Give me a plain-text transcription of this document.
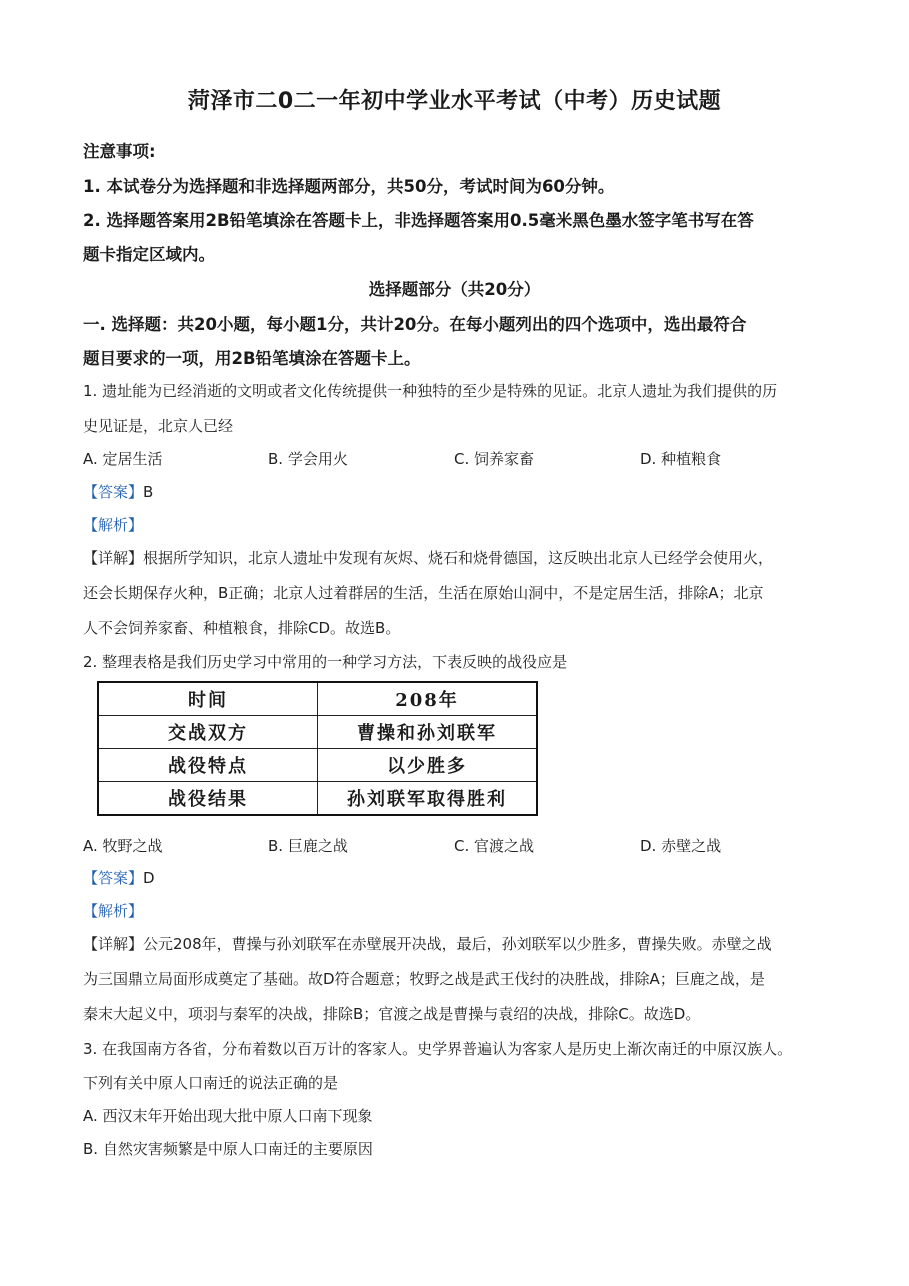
菏泽市二0二一年初中学业水平考试（中考）历史试题
注意事项:
1. 本试卷分为选择题和非选择题两部分，共50分，考试时间为60分钟。
2. 选择题答案用2B铅笔填涂在答题卡上，非选择题答案用0.5毫米黑色墨水签字笔书写在答
题卡指定区域内。
选择题部分（共20分）
一. 选择题：共20小题，每小题1分，共计20分。在每小题列出的四个选项中，选出最符合
题目要求的一项，用2B铅笔填涂在答题卡上。
1. 遗址能为已经消逝的文明或者文化传统提供一种独特的至少是特殊的见证。北京人遗址为我们提供的历
史见证是，北京人已经
A. 定居生活	B. 学会用火	C. 饲养家畜	D. 种植粮食
【答案】B
【解析】
【详解】根据所学知识，北京人遗址中发现有灰烬、烧石和烧骨德国，这反映出北京人已经学会使用火，
还会长期保存火种，B正确；北京人过着群居的生活，生活在原始山洞中，不是定居生活，排除A；北京
人不会饲养家畜、种植粮食，排除CD。故选B。
2. 整理表格是我们历史学习中常用的一种学习方法，下表反映的战役应是
时间	208年
交战双方	曹操和孙刘联军
战役特点	以少胜多
战役结果	孙刘联军取得胜利
A. 牧野之战	B. 巨鹿之战	C. 官渡之战	D. 赤壁之战
【答案】D
【解析】
【详解】公元208年，曹操与孙刘联军在赤壁展开决战，最后，孙刘联军以少胜多，曹操失败。赤壁之战
为三国鼎立局面形成奠定了基础。故D符合题意；牧野之战是武王伐纣的决胜战，排除A；巨鹿之战，是
秦末大起义中，项羽与秦军的决战，排除B；官渡之战是曹操与袁绍的决战，排除C。故选D。
3. 在我国南方各省，分布着数以百万计的客家人。史学界普遍认为客家人是历史上渐次南迁的中原汉族人。
下列有关中原人口南迁的说法正确的是
A. 西汉末年开始出现大批中原人口南下现象
B. 自然灾害频繁是中原人口南迁的主要原因
